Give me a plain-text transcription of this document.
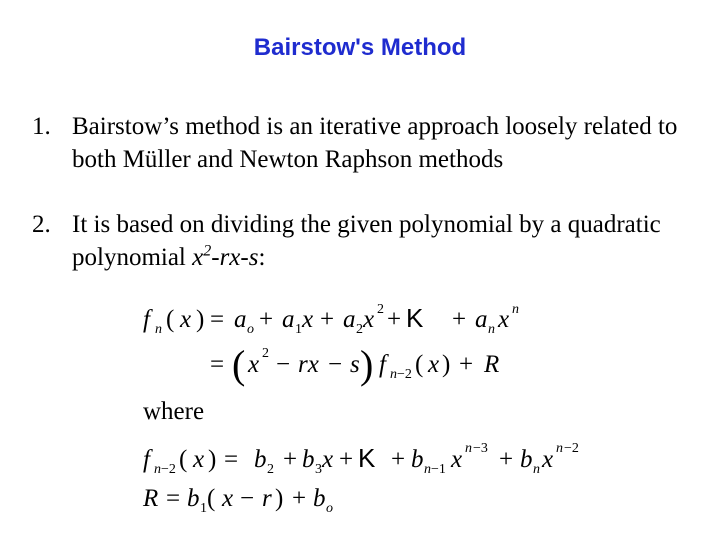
Bairstow's Method
1. Bairstow’s method is an iterative approach loosely related to both Müller and Newton Raphson methods
2. It is based on dividing the given polynomial by a quadratic polynomial $x^2-rx-s$:
f n ( x ) = a o + a 1 x + a 2 x 2 + K + a n x n
= ( x 2 − rx − s ) f n −2 ( x ) + R
where
f n −2 ( x ) = b 2 + b 3 x + K + b n −1 x n −3 + b n x n −2
R = b 1 ( x − r ) + b o
